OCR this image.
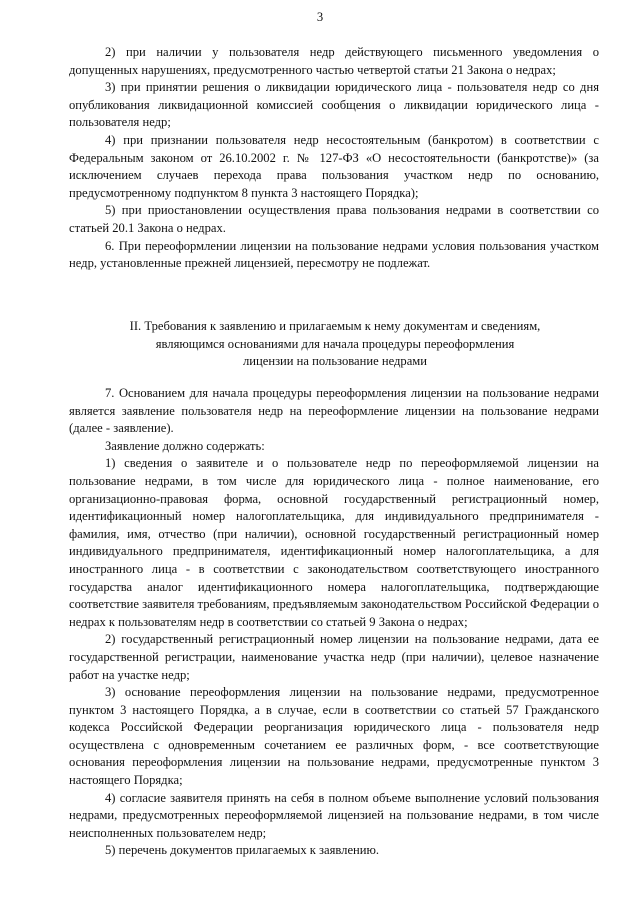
3

2) при наличии у пользователя недр действующего письменного уведомления о допущенных нарушениях, предусмотренного частью четвертой статьи 21 Закона о недрах;

3) при принятии решения о ликвидации юридического лица - пользователя недр со дня опубликования ликвидационной комиссией сообщения о ликвидации юридического лица - пользователя недр;

4) при признании пользователя недр несостоятельным (банкротом) в соответствии с Федеральным законом от 26.10.2002 г. № 127-ФЗ «О несостоятельности (банкротстве)» (за исключением случаев перехода права пользования участком недр по основанию, предусмотренному подпунктом 8 пункта 3 настоящего Порядка);

5) при приостановлении осуществления права пользования недрами в соответствии со статьей 20.1 Закона о недрах.

6. При переоформлении лицензии на пользование недрами условия пользования участком недр, установленные прежней лицензией, пересмотру не подлежат.

II. Требования к заявлению и прилагаемым к нему документам и сведениям,
являющимся основаниями для начала процедуры переоформления
лицензии на пользование недрами

7. Основанием для начала процедуры переоформления лицензии на пользование недрами является заявление пользователя недр на переоформление лицензии на пользование недрами (далее - заявление).

Заявление должно содержать:

1) сведения о заявителе и о пользователе недр по переоформляемой лицензии на пользование недрами, в том числе для юридического лица - полное наименование, его организационно-правовая форма, основной государственный регистрационный номер, идентификационный номер налогоплательщика, для индивидуального предпринимателя - фамилия, имя, отчество (при наличии), основной государственный регистрационный номер индивидуального предпринимателя, идентификационный номер налогоплательщика, а для иностранного лица - в соответствии с законодательством соответствующего иностранного государства аналог идентификационного номера налогоплательщика, подтверждающие соответствие заявителя требованиям, предъявляемым законодательством Российской Федерации о недрах к пользователям недр в соответствии со статьей 9 Закона о недрах;

2) государственный регистрационный номер лицензии на пользование недрами, дата ее государственной регистрации, наименование участка недр (при наличии), целевое назначение работ на участке недр;

3) основание переоформления лицензии на пользование недрами, предусмотренное пунктом 3 настоящего Порядка, а в случае, если в соответствии со статьей 57 Гражданского кодекса Российской Федерации реорганизация юридического лица - пользователя недр осуществлена с одновременным сочетанием ее различных форм, - все соответствующие основания переоформления лицензии на пользование недрами, предусмотренные пунктом 3 настоящего Порядка;

4) согласие заявителя принять на себя в полном объеме выполнение условий пользования недрами, предусмотренных переоформляемой лицензией на пользование недрами, в том числе неисполненных пользователем недр;

5) перечень документов прилагаемых к заявлению.
